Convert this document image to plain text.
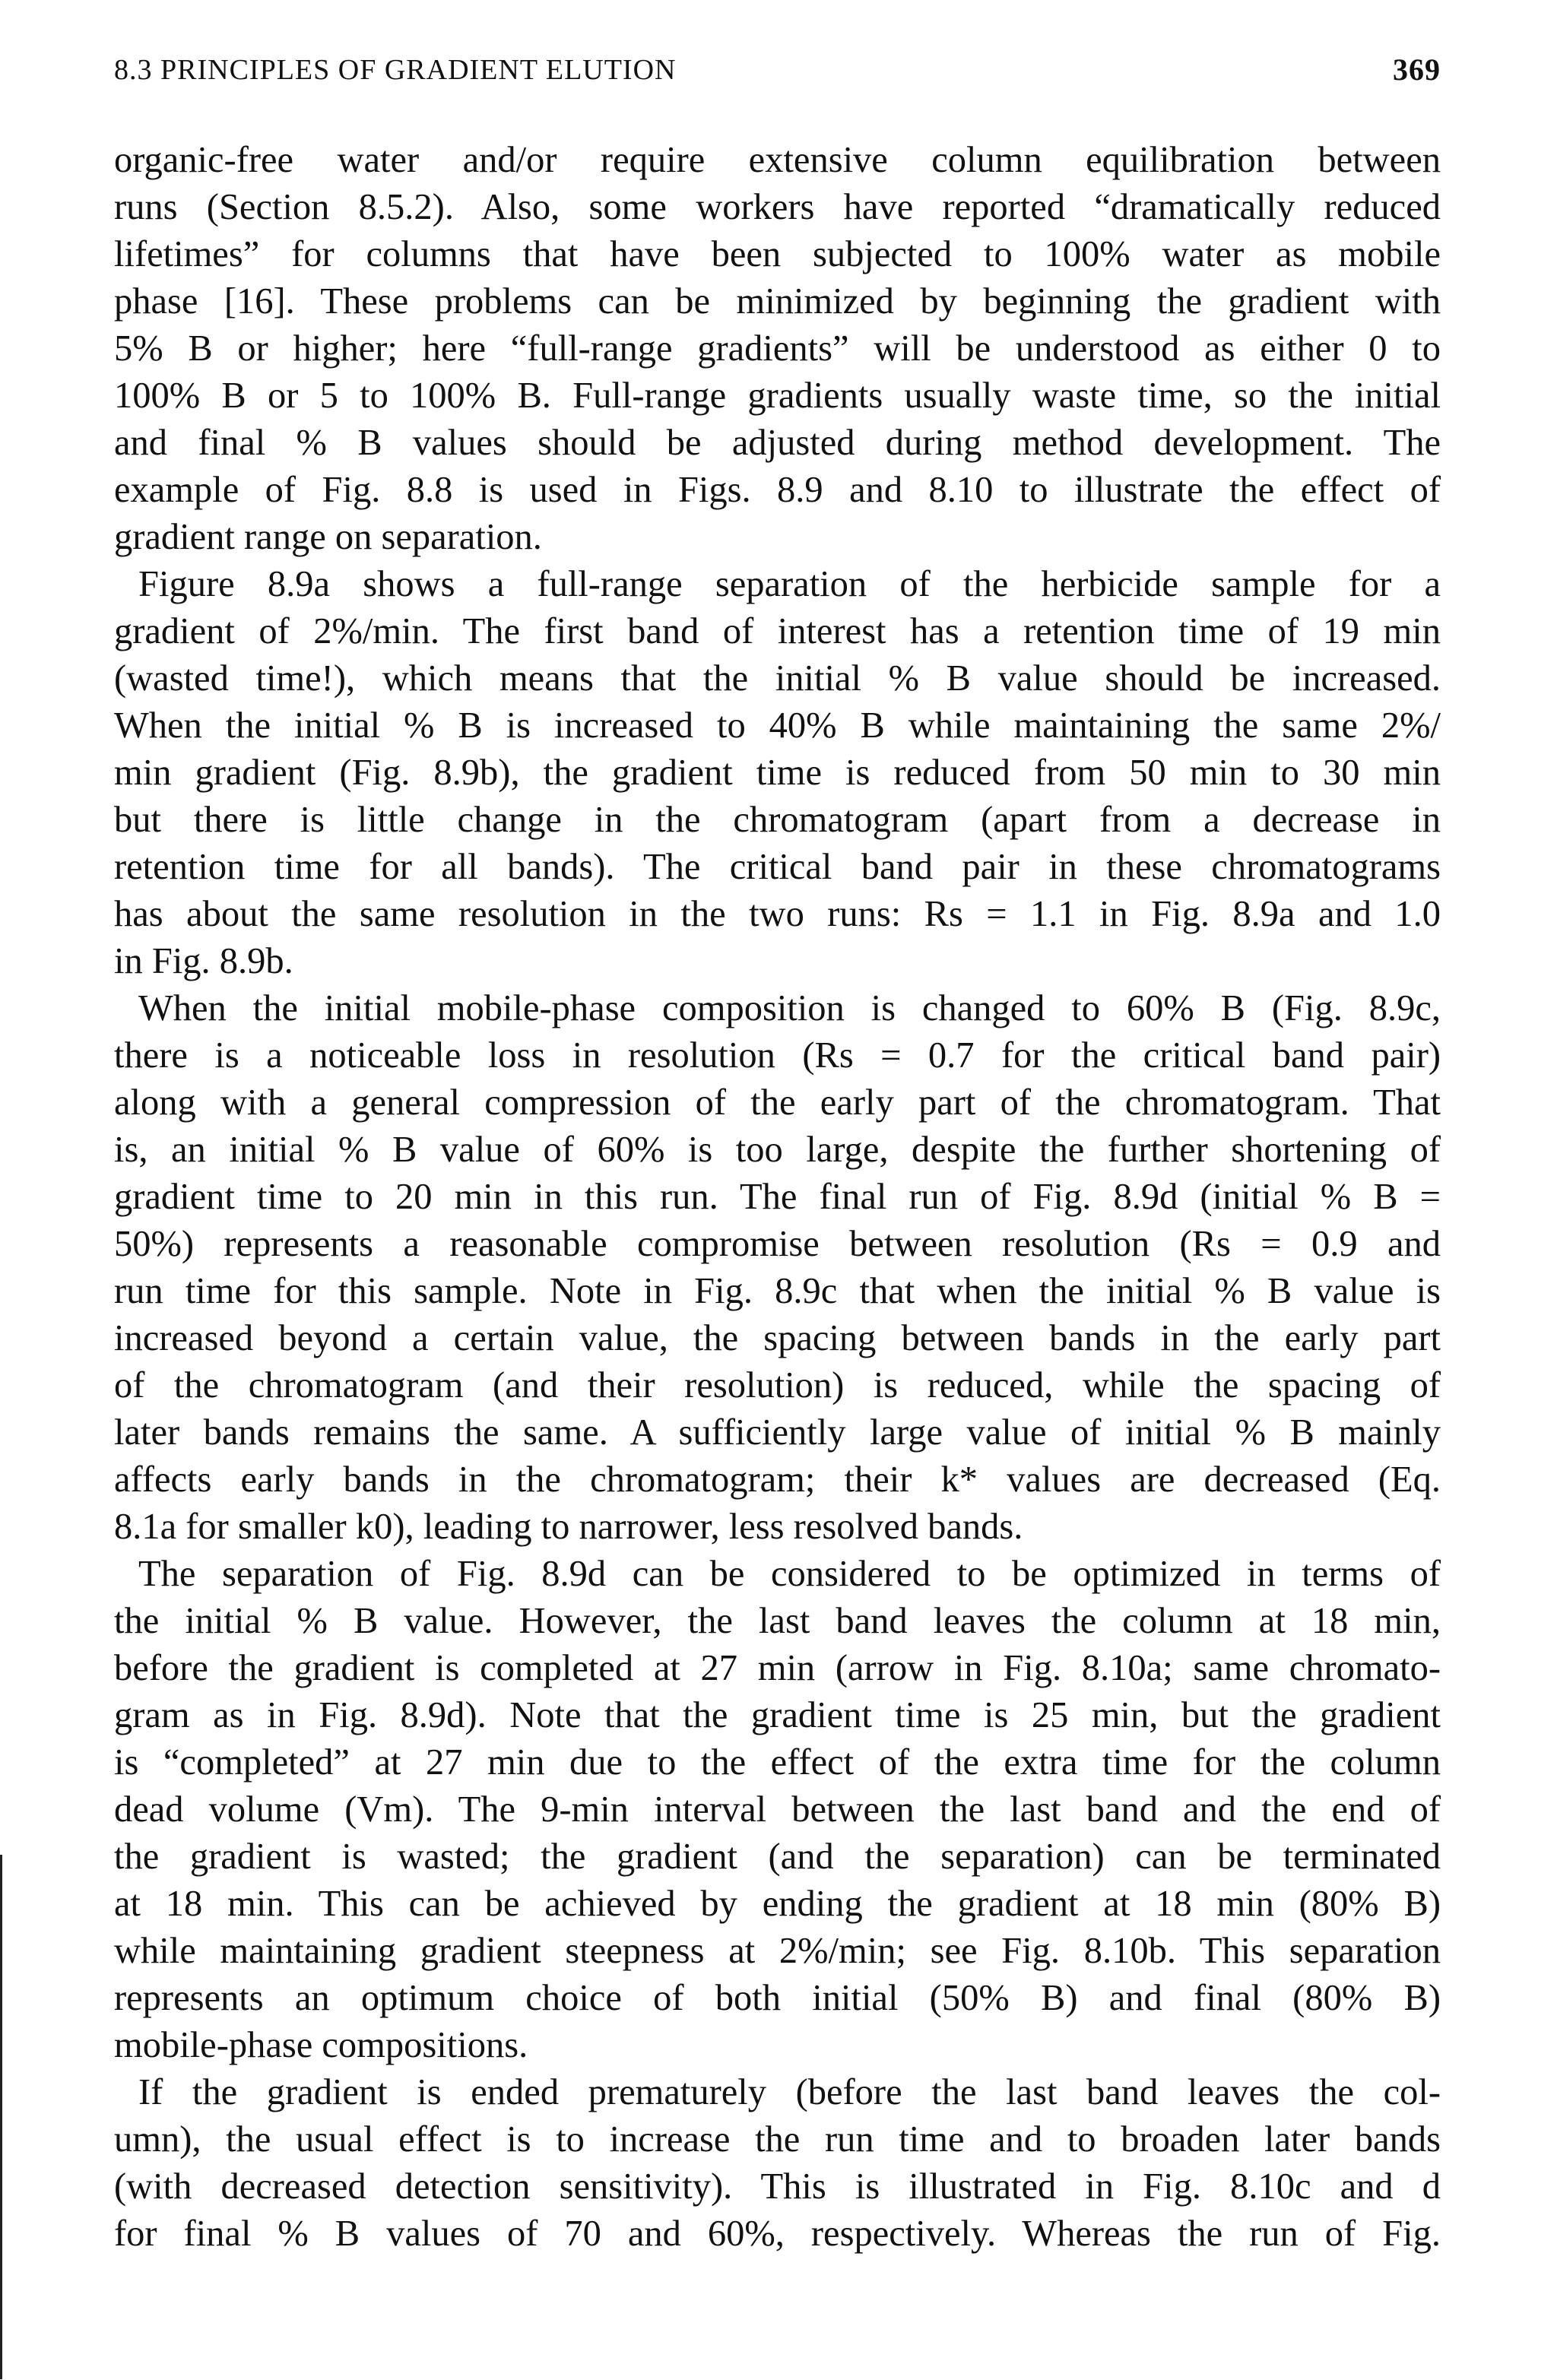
8.3 PRINCIPLES OF GRADIENT ELUTION	369
organic-free water and/or require extensive column equilibration between
runs (Section 8.5.2). Also, some workers have reported “dramatically reduced
lifetimes” for columns that have been subjected to 100% water as mobile
phase [16]. These problems can be minimized by beginning the gradient with
5% B or higher; here “full-range gradients” will be understood as either 0 to
100% B or 5 to 100% B. Full-range gradients usually waste time, so the initial
and final % B values should be adjusted during method development. The
example of Fig. 8.8 is used in Figs. 8.9 and 8.10 to illustrate the effect of
gradient range on separation.
Figure 8.9a shows a full-range separation of the herbicide sample for a
gradient of 2%/min. The first band of interest has a retention time of 19 min
(wasted time!), which means that the initial % B value should be increased.
When the initial % B is increased to 40% B while maintaining the same 2%/
min gradient (Fig. 8.9b), the gradient time is reduced from 50 min to 30 min
but there is little change in the chromatogram (apart from a decrease in
retention time for all bands). The critical band pair in these chromatograms
has about the same resolution in the two runs: Rs = 1.1 in Fig. 8.9a and 1.0
in Fig. 8.9b.
When the initial mobile-phase composition is changed to 60% B (Fig. 8.9c,
there is a noticeable loss in resolution (Rs = 0.7 for the critical band pair)
along with a general compression of the early part of the chromatogram. That
is, an initial % B value of 60% is too large, despite the further shortening of
gradient time to 20 min in this run. The final run of Fig. 8.9d (initial % B =
50%) represents a reasonable compromise between resolution (Rs = 0.9 and
run time for this sample. Note in Fig. 8.9c that when the initial % B value is
increased beyond a certain value, the spacing between bands in the early part
of the chromatogram (and their resolution) is reduced, while the spacing of
later bands remains the same. A sufficiently large value of initial % B mainly
affects early bands in the chromatogram; their k* values are decreased (Eq.
8.1a for smaller k0), leading to narrower, less resolved bands.
The separation of Fig. 8.9d can be considered to be optimized in terms of
the initial % B value. However, the last band leaves the column at 18 min,
before the gradient is completed at 27 min (arrow in Fig. 8.10a; same chromato-
gram as in Fig. 8.9d). Note that the gradient time is 25 min, but the gradient
is “completed” at 27 min due to the effect of the extra time for the column
dead volume (Vm). The 9-min interval between the last band and the end of
the gradient is wasted; the gradient (and the separation) can be terminated
at 18 min. This can be achieved by ending the gradient at 18 min (80% B)
while maintaining gradient steepness at 2%/min; see Fig. 8.10b. This separation
represents an optimum choice of both initial (50% B) and final (80% B)
mobile-phase compositions.
If the gradient is ended prematurely (before the last band leaves the col-
umn), the usual effect is to increase the run time and to broaden later bands
(with decreased detection sensitivity). This is illustrated in Fig. 8.10c and d
for final % B values of 70 and 60%, respectively. Whereas the run of Fig.
